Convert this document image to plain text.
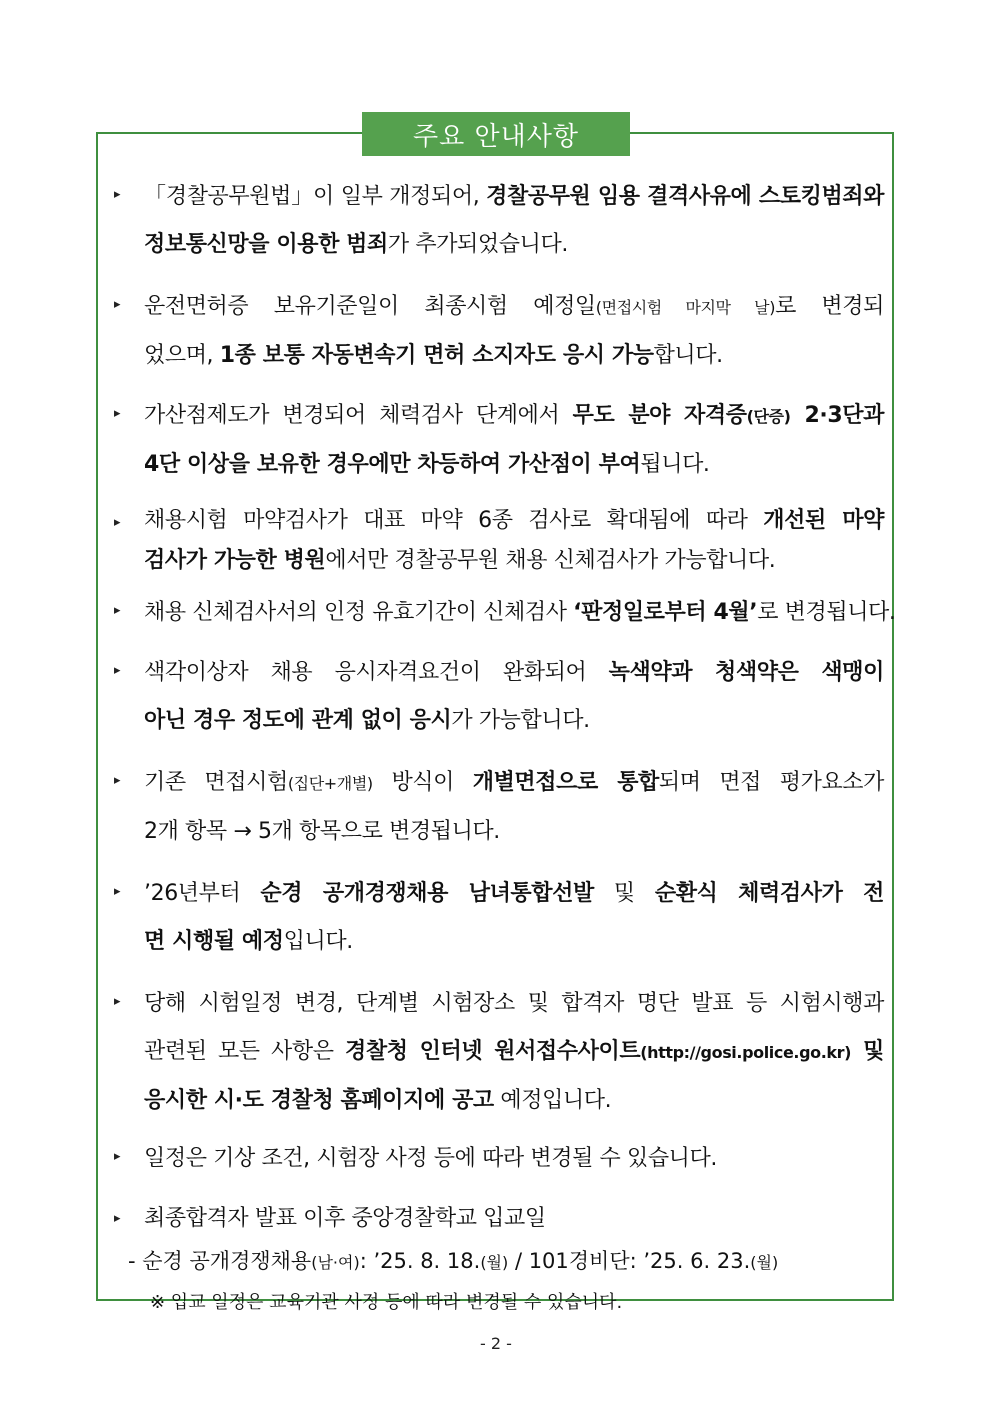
주요 안내사항
▸ 「경찰공무원법」이 일부 개정되어, 경찰공무원 임용 결격사유에 스토킹범죄와

정보통신망을 이용한 범죄가 추가되었습니다.

▸ 운전면허증 보유기준일이 최종시험 예정일(면접시험 마지막 날)로 변경되

었으며, 1종 보통 자동변속기 면허 소지자도 응시 가능합니다.

▸ 가산점제도가 변경되어 체력검사 단계에서 무도 분야 자격증(단증) 2·3단과

4단 이상을 보유한 경우에만 차등하여 가산점이 부여됩니다.

▸ 채용시험 마약검사가 대표 마약 6종 검사로 확대됨에 따라 개선된 마약

검사가 가능한 병원에서만 경찰공무원 채용 신체검사가 가능합니다.

▸ 채용 신체검사서의 인정 유효기간이 신체검사 ‘판정일로부터 4월’로 변경됩니다.

▸ 색각이상자 채용 응시자격요건이 완화되어 녹색약과 청색약은 색맹이

아닌 경우 정도에 관계 없이 응시가 가능합니다.

▸ 기존 면접시험(집단+개별) 방식이 개별면접으로 통합되며 면접 평가요소가

2개 항목 → 5개 항목으로 변경됩니다.

▸ ’26년부터 순경 공개경쟁채용 남녀통합선발 및 순환식 체력검사가 전

면 시행될 예정입니다.

▸ 당해 시험일정 변경, 단계별 시험장소 및 합격자 명단 발표 등 시험시행과

관련된 모든 사항은 경찰청 인터넷 원서접수사이트(http://gosi.police.go.kr) 및

응시한 시·도 경찰청 홈페이지에 공고 예정입니다.

▸ 일정은 기상 조건, 시험장 사정 등에 따라 변경될 수 있습니다.

▸ 최종합격자 발표 이후 중앙경찰학교 입교일

- 순경 공개경쟁채용(남·여): ’25. 8. 18.(월) / 101경비단: ’25. 6. 23.(월)
※ 입교 일정은 교육기관 사정 등에 따라 변경될 수 있습니다.
- 2 -
